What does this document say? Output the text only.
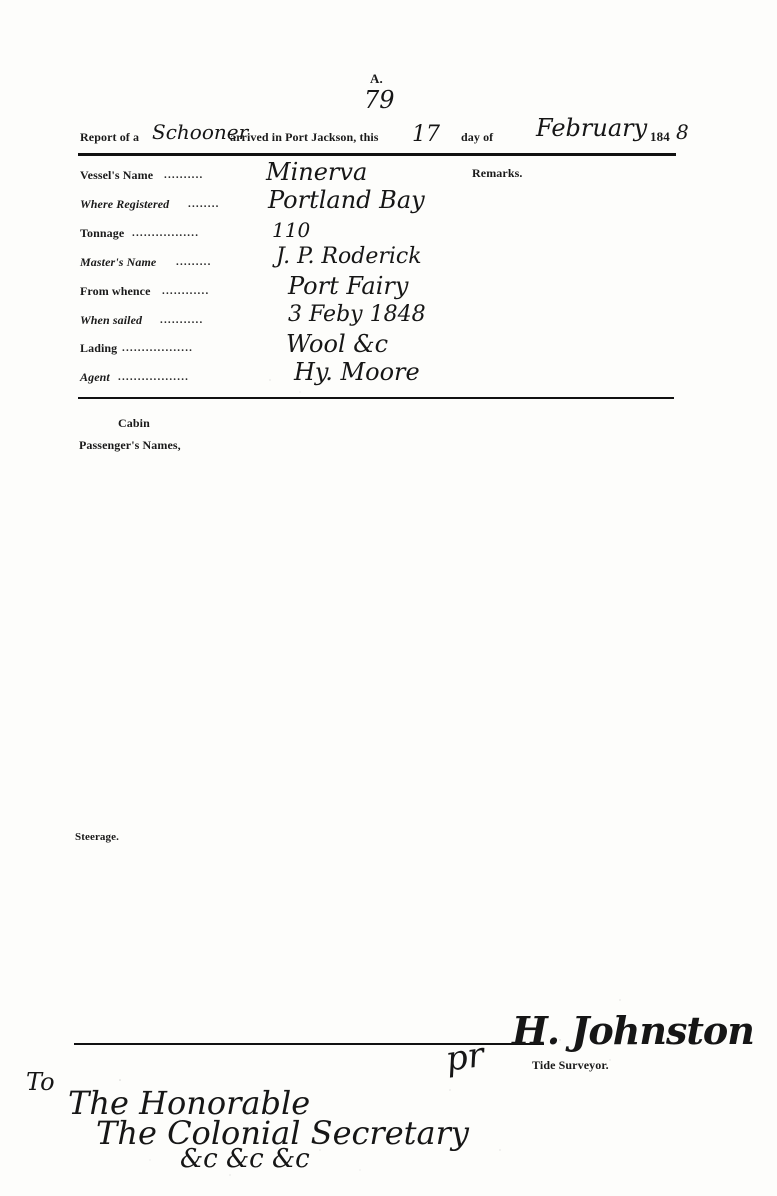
A.
79
Report of a Schooner
arrived in Port Jackson, this 17 day of February 184 8
Remarks.
Vessel's Name ..........	Minerva
Where Registered ........ Portland Bay
Tonnage .................	110
Master's Name .........	J. P. Roderick
From whence ............	Port Fairy
When sailed ...........	3 Feby 1848
Lading ..................	Wool &c
Agent ..................	Hy. Moore
Cabin
Passenger's Names,
Steerage.
pr
H. Johnston
Tide Surveyor.
To
The Honorable
The Colonial Secretary
&c &c &c
